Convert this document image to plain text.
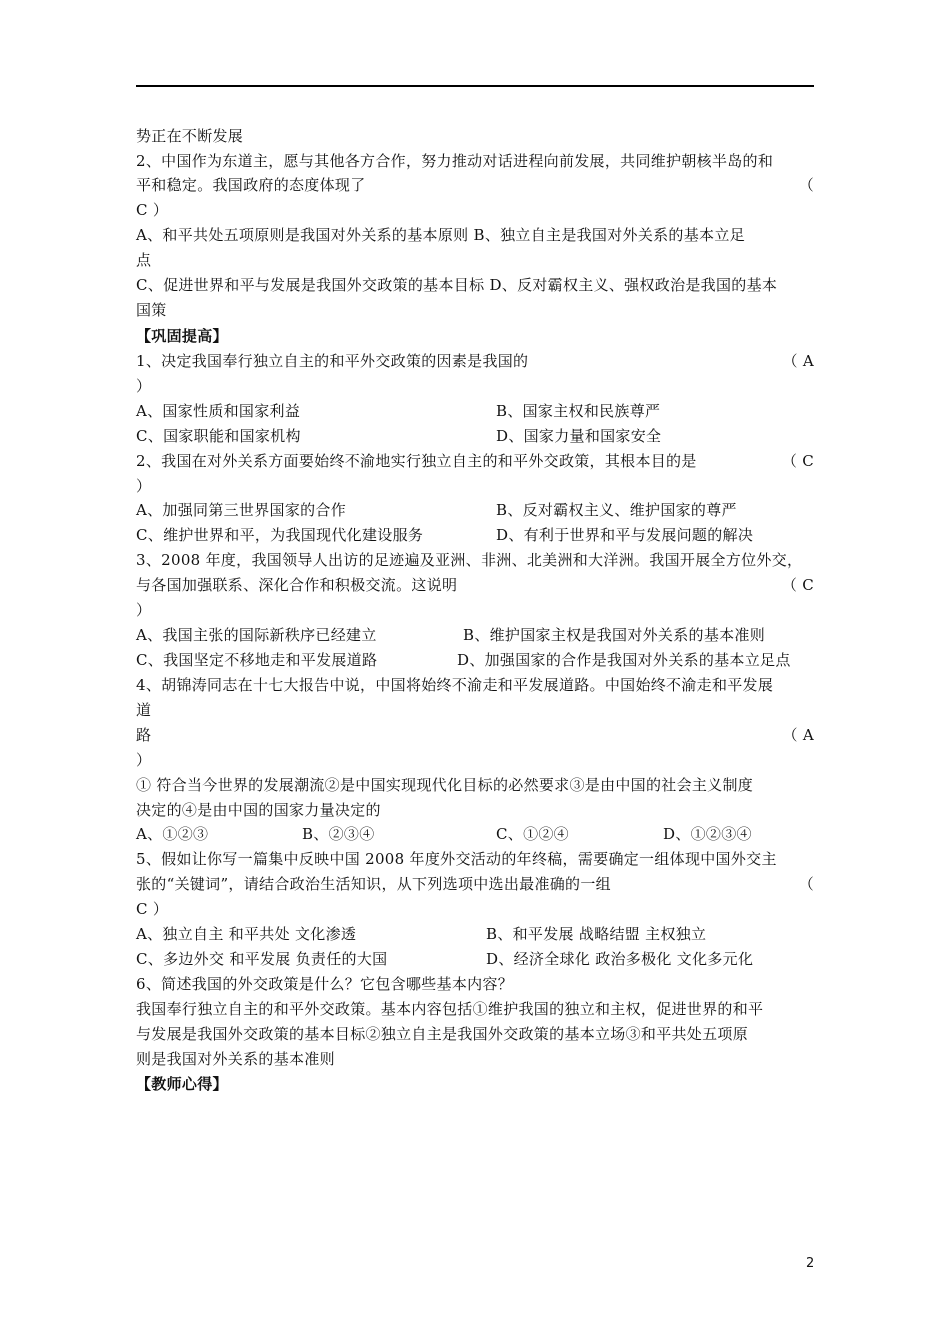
势正在不断发展
2、中国作为东道主，愿与其他各方合作，努力推动对话进程向前发展，共同维护朝核半岛的和
平和稳定。我国政府的态度体现了	（
C ）
A、和平共处五项原则是我国对外关系的基本原则 B、独立自主是我国对外关系的基本立足
点
C、促进世界和平与发展是我国外交政策的基本目标 D、反对霸权主义、强权政治是我国的基本
国策
【巩固提高】
1、决定我国奉行独立自主的和平外交政策的因素是我国的	（ A
）
A、国家性质和国家利益	B、国家主权和民族尊严
C、国家职能和国家机构	D、国家力量和国家安全
2、我国在对外关系方面要始终不渝地实行独立自主的和平外交政策，其根本目的是	（ C
）
A、加强同第三世界国家的合作	B、反对霸权主义、维护国家的尊严
C、维护世界和平，为我国现代化建设服务	D、有利于世界和平与发展问题的解决
3、2008 年度，我国领导人出访的足迹遍及亚洲、非洲、北美洲和大洋洲。我国开展全方位外交，
与各国加强联系、深化合作和积极交流。这说明	（ C
）
A、我国主张的国际新秩序已经建立	B、维护国家主权是我国对外关系的基本准则
C、我国坚定不移地走和平发展道路	D、加强国家的合作是我国对外关系的基本立足点
4、胡锦涛同志在十七大报告中说，中国将始终不渝走和平发展道路。中国始终不渝走和平发展
道
路	（ A
）
① 符合当今世界的发展潮流②是中国实现现代化目标的必然要求③是由中国的社会主义制度
决定的④是由中国的国家力量决定的
A、①②③	B、②③④	C、①②④	D、①②③④
5、假如让你写一篇集中反映中国 2008 年度外交活动的年终稿，需要确定一组体现中国外交主
张的“关键词”，请结合政治生活知识，从下列选项中选出最准确的一组	（
C ）
A、独立自主 和平共处 文化渗透	B、和平发展 战略结盟 主权独立
C、多边外交 和平发展 负责任的大国	D、经济全球化 政治多极化 文化多元化
6、简述我国的外交政策是什么？它包含哪些基本内容？
我国奉行独立自主的和平外交政策。基本内容包括①维护我国的独立和主权，促进世界的和平
与发展是我国外交政策的基本目标②独立自主是我国外交政策的基本立场③和平共处五项原
则是我国对外关系的基本准则
【教师心得】
2
